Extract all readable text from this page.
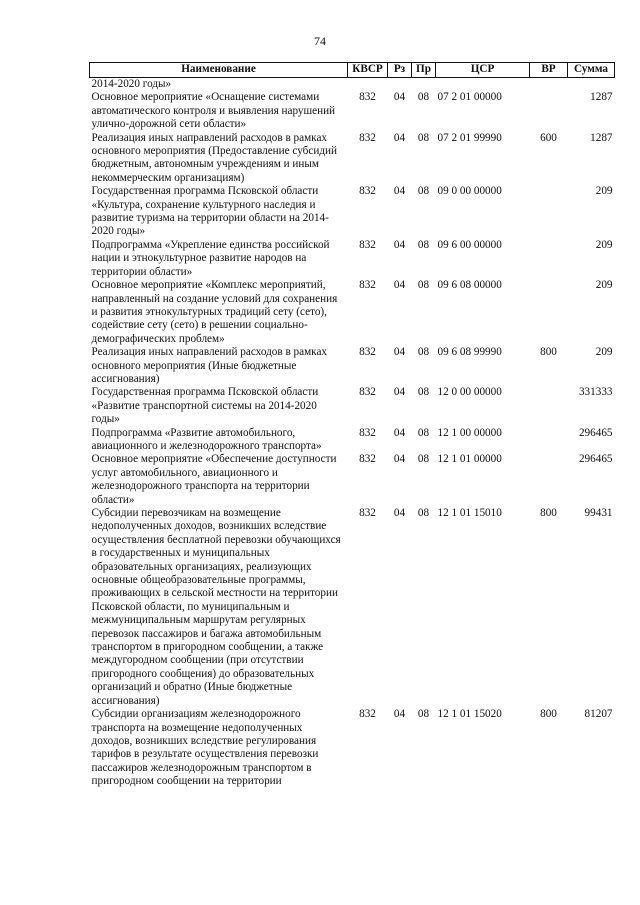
74
Наименование	КВСР	Рз	Пр	ЦСР	ВР	Сумма
2014-2020 годы»						
Основное мероприятие «Оснащение системами автоматического контроля и выявления нарушений улично-дорожной сети области»	832	04	08	07 2 01 00000		1287
Реализация иных направлений расходов в рамках основного мероприятия (Предоставление субсидий бюджетным, автономным учреждениям и иным некоммерческим организациям)	832	04	08	07 2 01 99990	600	1287
Государственная программа Псковской области «Культура, сохранение культурного наследия и развитие туризма на территории области на 2014-2020 годы»	832	04	08	09 0 00 00000		209
Подпрограмма «Укрепление единства российской нации и этнокультурное развитие народов на территории области»	832	04	08	09 6 00 00000		209
Основное мероприятие «Комплекс мероприятий, направленный на создание условий для сохранения и развития этнокультурных традиций сету (сето), содействие сету (сето) в решении социально-демографических проблем»	832	04	08	09 6 08 00000		209
Реализация иных направлений расходов в рамках основного мероприятия (Иные бюджетные ассигнования)	832	04	08	09 6 08 99990	800	209
Государственная программа Псковской области «Развитие транспортной системы на 2014-2020 годы»	832	04	08	12 0 00 00000		331333
Подпрограмма «Развитие автомобильного, авиационного и железнодорожного транспорта»	832	04	08	12 1 00 00000		296465
Основное мероприятие «Обеспечение доступности услуг автомобильного, авиационного и железнодорожного транспорта на территории области»	832	04	08	12 1 01 00000		296465
Субсидии перевозчикам на возмещение недополученных доходов, возникших вследствие осуществления бесплатной перевозки обучающихся в государственных и муниципальных образовательных организациях, реализующих основные общеобразовательные программы, проживающих в сельской местности на территории Псковской области, по муниципальным и межмуниципальным маршрутам регулярных перевозок пассажиров и багажа автомобильным транспортом в пригородном сообщении, а также междугородном сообщении (при отсутствии пригородного сообщения) до образовательных организаций и обратно (Иные бюджетные ассигнования)	832	04	08	12 1 01 15010	800	99431
Субсидии организациям железнодорожного транспорта на возмещение недополученных доходов, возникших вследствие регулирования тарифов в результате осуществления перевозки пассажиров железнодорожным транспортом в пригородном сообщении на территории	832	04	08	12 1 01 15020	800	81207
